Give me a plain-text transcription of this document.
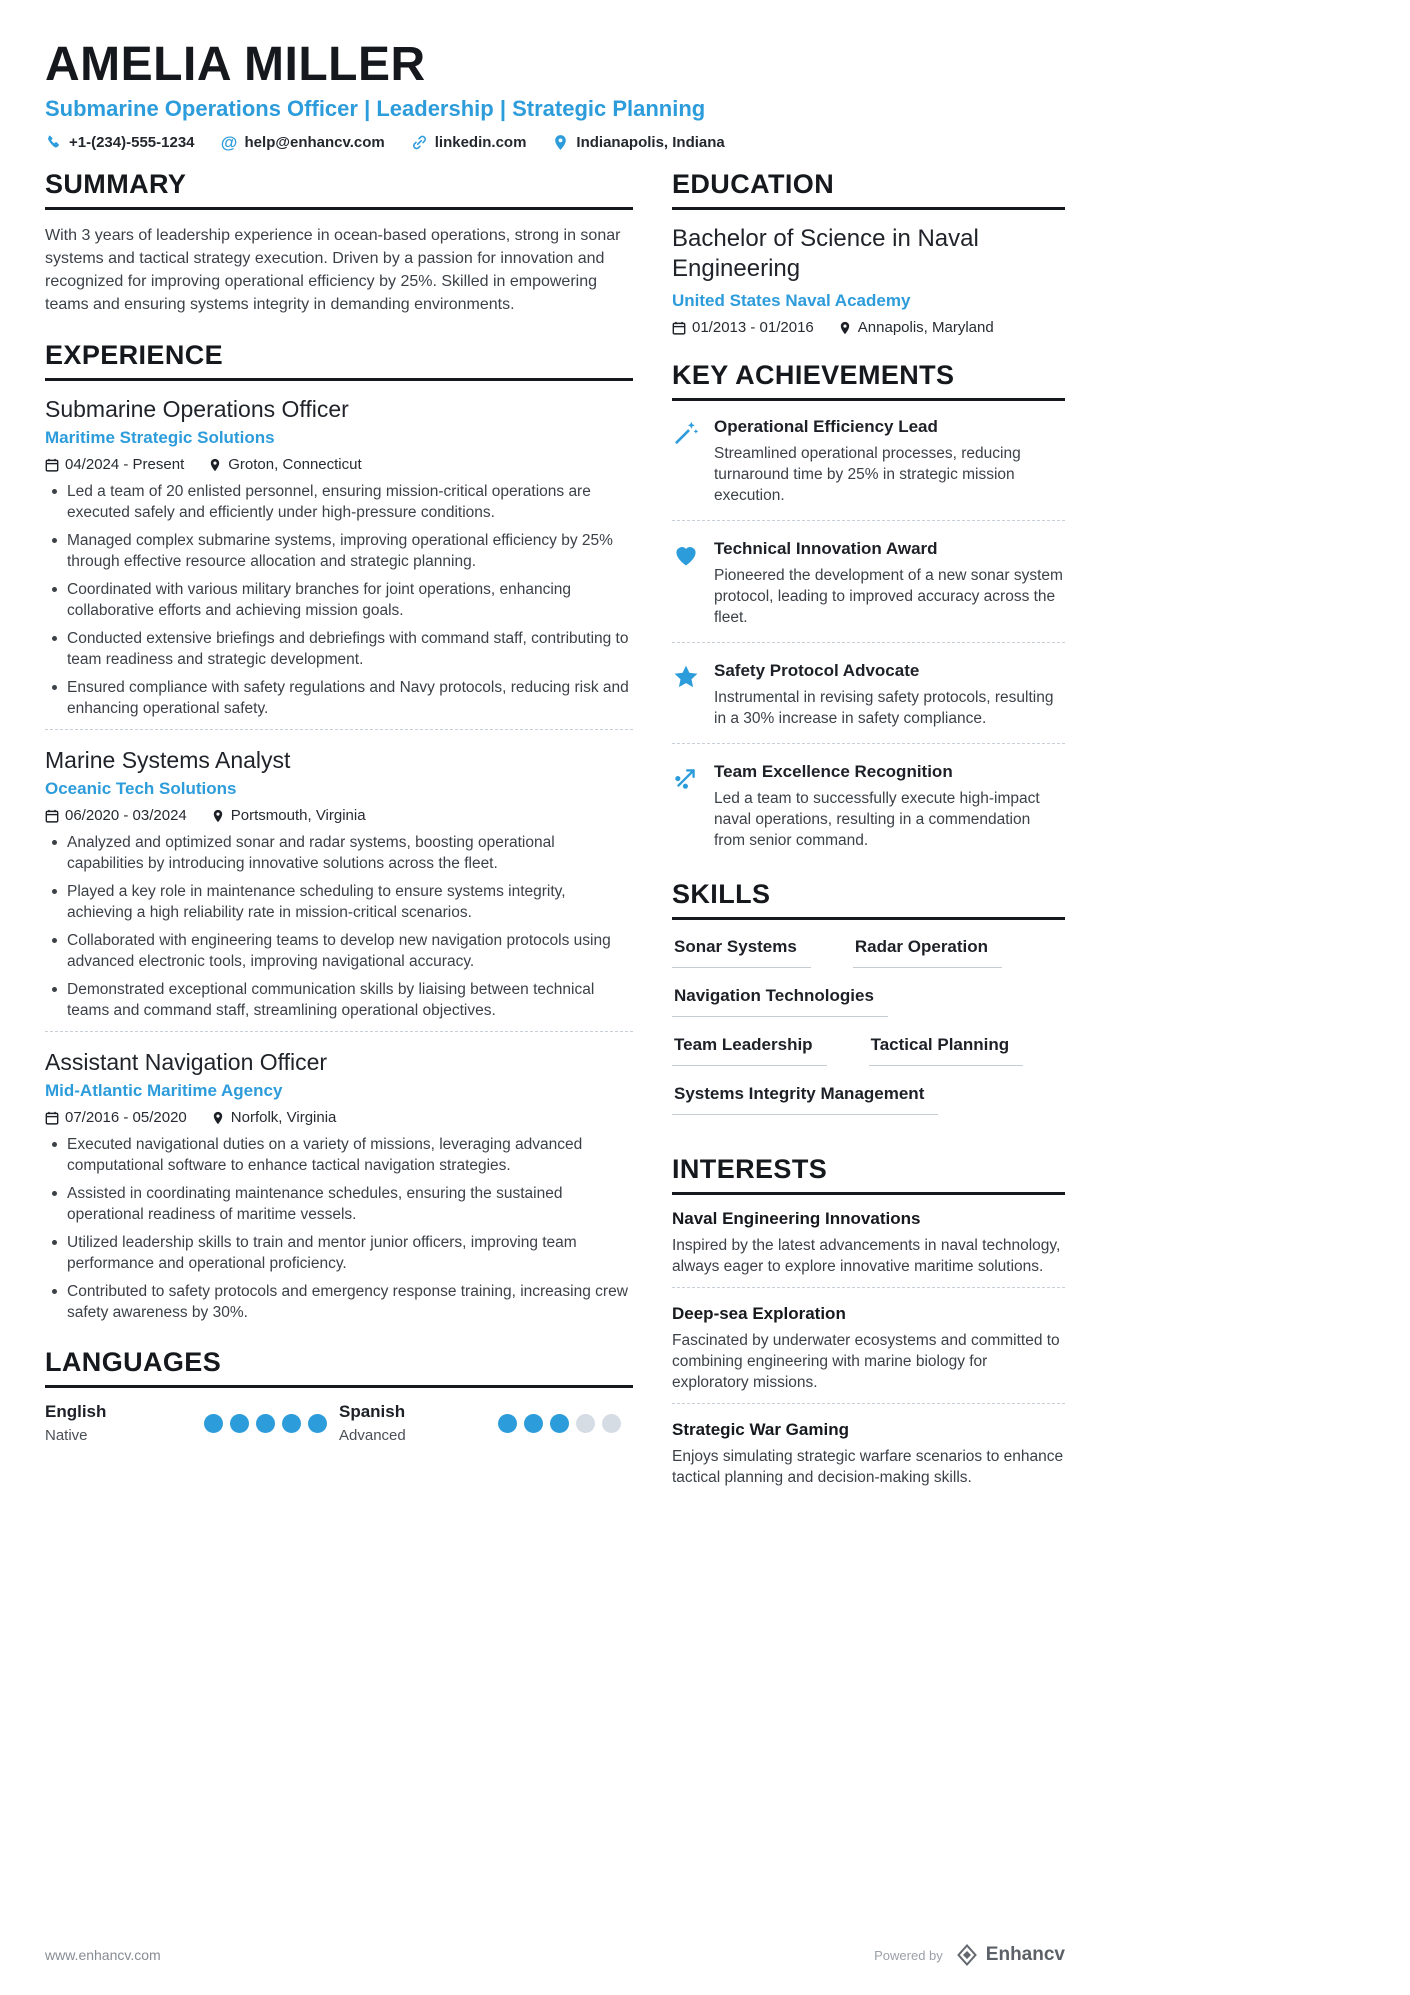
AMELIA MILLER
Submarine Operations Officer | Leadership | Strategic Planning
+1-(234)-555-1234 @ help@enhancv.com	linkedin.com	Indianapolis, Indiana
SUMMARY
With 3 years of leadership experience in ocean-based operations, strong in sonar systems and tactical strategy execution. Driven by a passion for innovation and recognized for improving operational efficiency by 25%. Skilled in empowering teams and ensuring systems integrity in demanding environments.
EXPERIENCE
Submarine Operations Officer
Maritime Strategic Solutions
04/2024 - Present	Groton, Connecticut
Led a team of 20 enlisted personnel, ensuring mission-critical operations are executed safely and efficiently under high-pressure conditions.
Managed complex submarine systems, improving operational efficiency by 25% through effective resource allocation and strategic planning.
Coordinated with various military branches for joint operations, enhancing collaborative efforts and achieving mission goals.
Conducted extensive briefings and debriefings with command staff, contributing to team readiness and strategic development.
Ensured compliance with safety regulations and Navy protocols, reducing risk and enhancing operational safety.
Marine Systems Analyst
Oceanic Tech Solutions
06/2020 - 03/2024	Portsmouth, Virginia
Analyzed and optimized sonar and radar systems, boosting operational capabilities by introducing innovative solutions across the fleet.
Played a key role in maintenance scheduling to ensure systems integrity, achieving a high reliability rate in mission-critical scenarios.
Collaborated with engineering teams to develop new navigation protocols using advanced electronic tools, improving navigational accuracy.
Demonstrated exceptional communication skills by liaising between technical teams and command staff, streamlining operational objectives.
Assistant Navigation Officer
Mid-Atlantic Maritime Agency
07/2016 - 05/2020	Norfolk, Virginia
Executed navigational duties on a variety of missions, leveraging advanced computational software to enhance tactical navigation strategies.
Assisted in coordinating maintenance schedules, ensuring the sustained operational readiness of maritime vessels.
Utilized leadership skills to train and mentor junior officers, improving team performance and operational proficiency.
Contributed to safety protocols and emergency response training, increasing crew safety awareness by 30%.
LANGUAGES
English
Native
Spanish
Advanced
EDUCATION
Bachelor of Science in Naval Engineering
United States Naval Academy
01/2013 - 01/2016	Annapolis, Maryland
KEY ACHIEVEMENTS
Operational Efficiency Lead
Streamlined operational processes, reducing turnaround time by 25% in strategic mission execution.
Technical Innovation Award
Pioneered the development of a new sonar system protocol, leading to improved accuracy across the fleet.
Safety Protocol Advocate
Instrumental in revising safety protocols, resulting in a 30% increase in safety compliance.
Team Excellence Recognition
Led a team to successfully execute high-impact naval operations, resulting in a commendation from senior command.
SKILLS
Sonar Systems	Radar Operation
Navigation Technologies
Team Leadership	Tactical Planning
Systems Integrity Management
INTERESTS
Naval Engineering Innovations
Inspired by the latest advancements in naval technology, always eager to explore innovative maritime solutions.
Deep-sea Exploration
Fascinated by underwater ecosystems and committed to combining engineering with marine biology for exploratory missions.
Strategic War Gaming
Enjoys simulating strategic warfare scenarios to enhance tactical planning and decision-making skills.
www.enhancv.com	Powered by Enhancv
